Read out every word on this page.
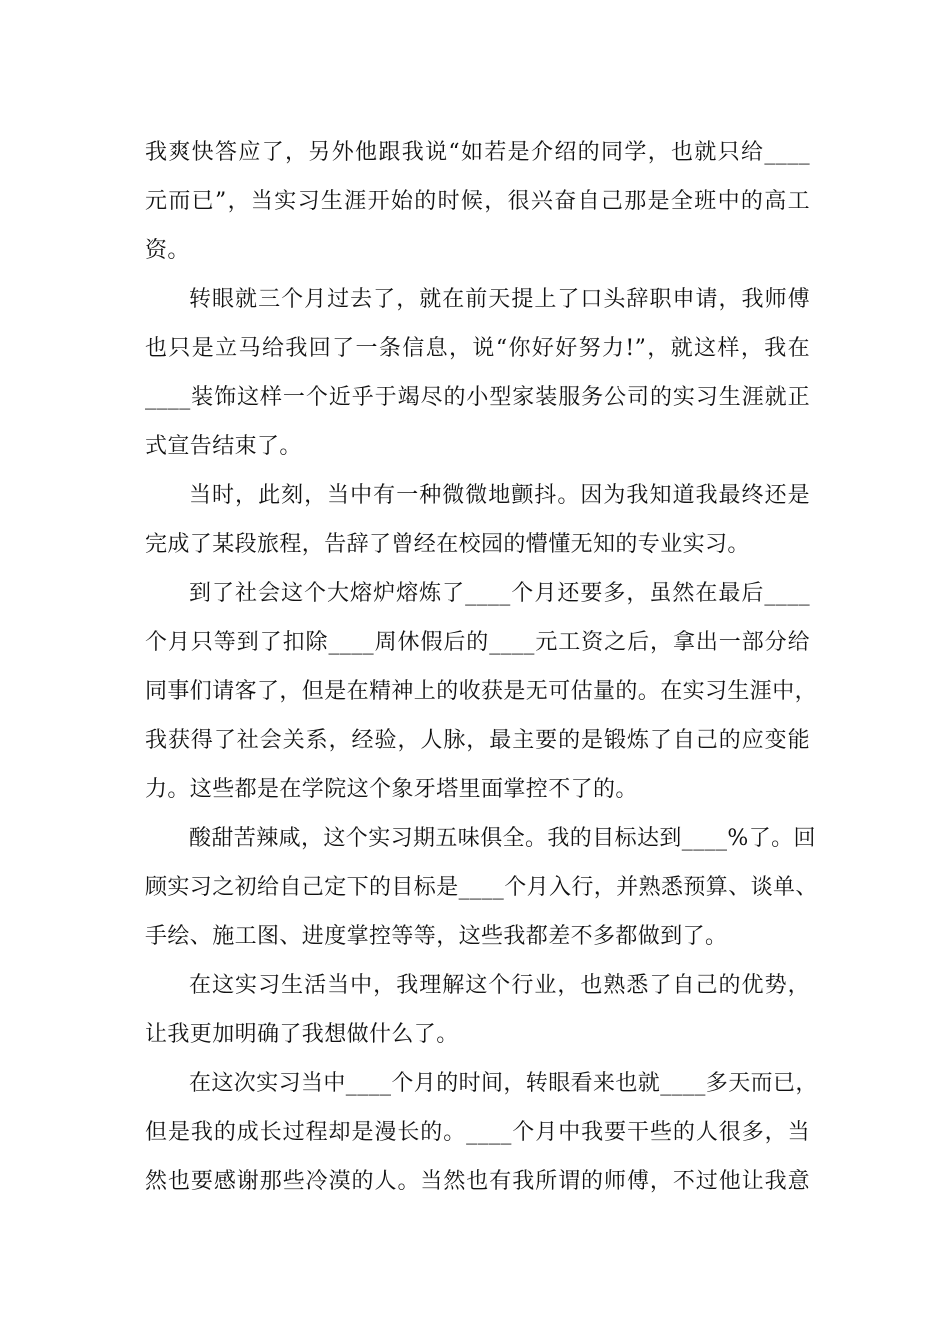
我爽快答应了，另外他跟我说“如若是介绍的同学，也就只给____
元而已”，当实习生涯开始的时候，很兴奋自己那是全班中的高工
资。
转眼就三个月过去了，就在前天提上了口头辞职申请，我师傅
也只是立马给我回了一条信息，说“你好好努力!”，就这样，我在
____装饰这样一个近乎于竭尽的小型家装服务公司的实习生涯就正
式宣告结束了。
当时，此刻，当中有一种微微地颤抖。因为我知道我最终还是
完成了某段旅程，告辞了曾经在校园的懵懂无知的专业实习。
到了社会这个大熔炉熔炼了____个月还要多，虽然在最后____
个月只等到了扣除____周休假后的____元工资之后，拿出一部分给
同事们请客了，但是在精神上的收获是无可估量的。在实习生涯中，
我获得了社会关系，经验，人脉，最主要的是锻炼了自己的应变能
力。这些都是在学院这个象牙塔里面掌控不了的。
酸甜苦辣咸，这个实习期五味俱全。我的目标达到____%了。回
顾实习之初给自己定下的目标是____个月入行，并熟悉预算、谈单、
手绘、施工图、进度掌控等等，这些我都差不多都做到了。
在这实习生活当中，我理解这个行业，也熟悉了自己的优势，
让我更加明确了我想做什么了。
在这次实习当中____个月的时间，转眼看来也就____多天而已，
但是我的成长过程却是漫长的。____个月中我要干些的人很多，当
然也要感谢那些冷漠的人。当然也有我所谓的师傅，不过他让我意
